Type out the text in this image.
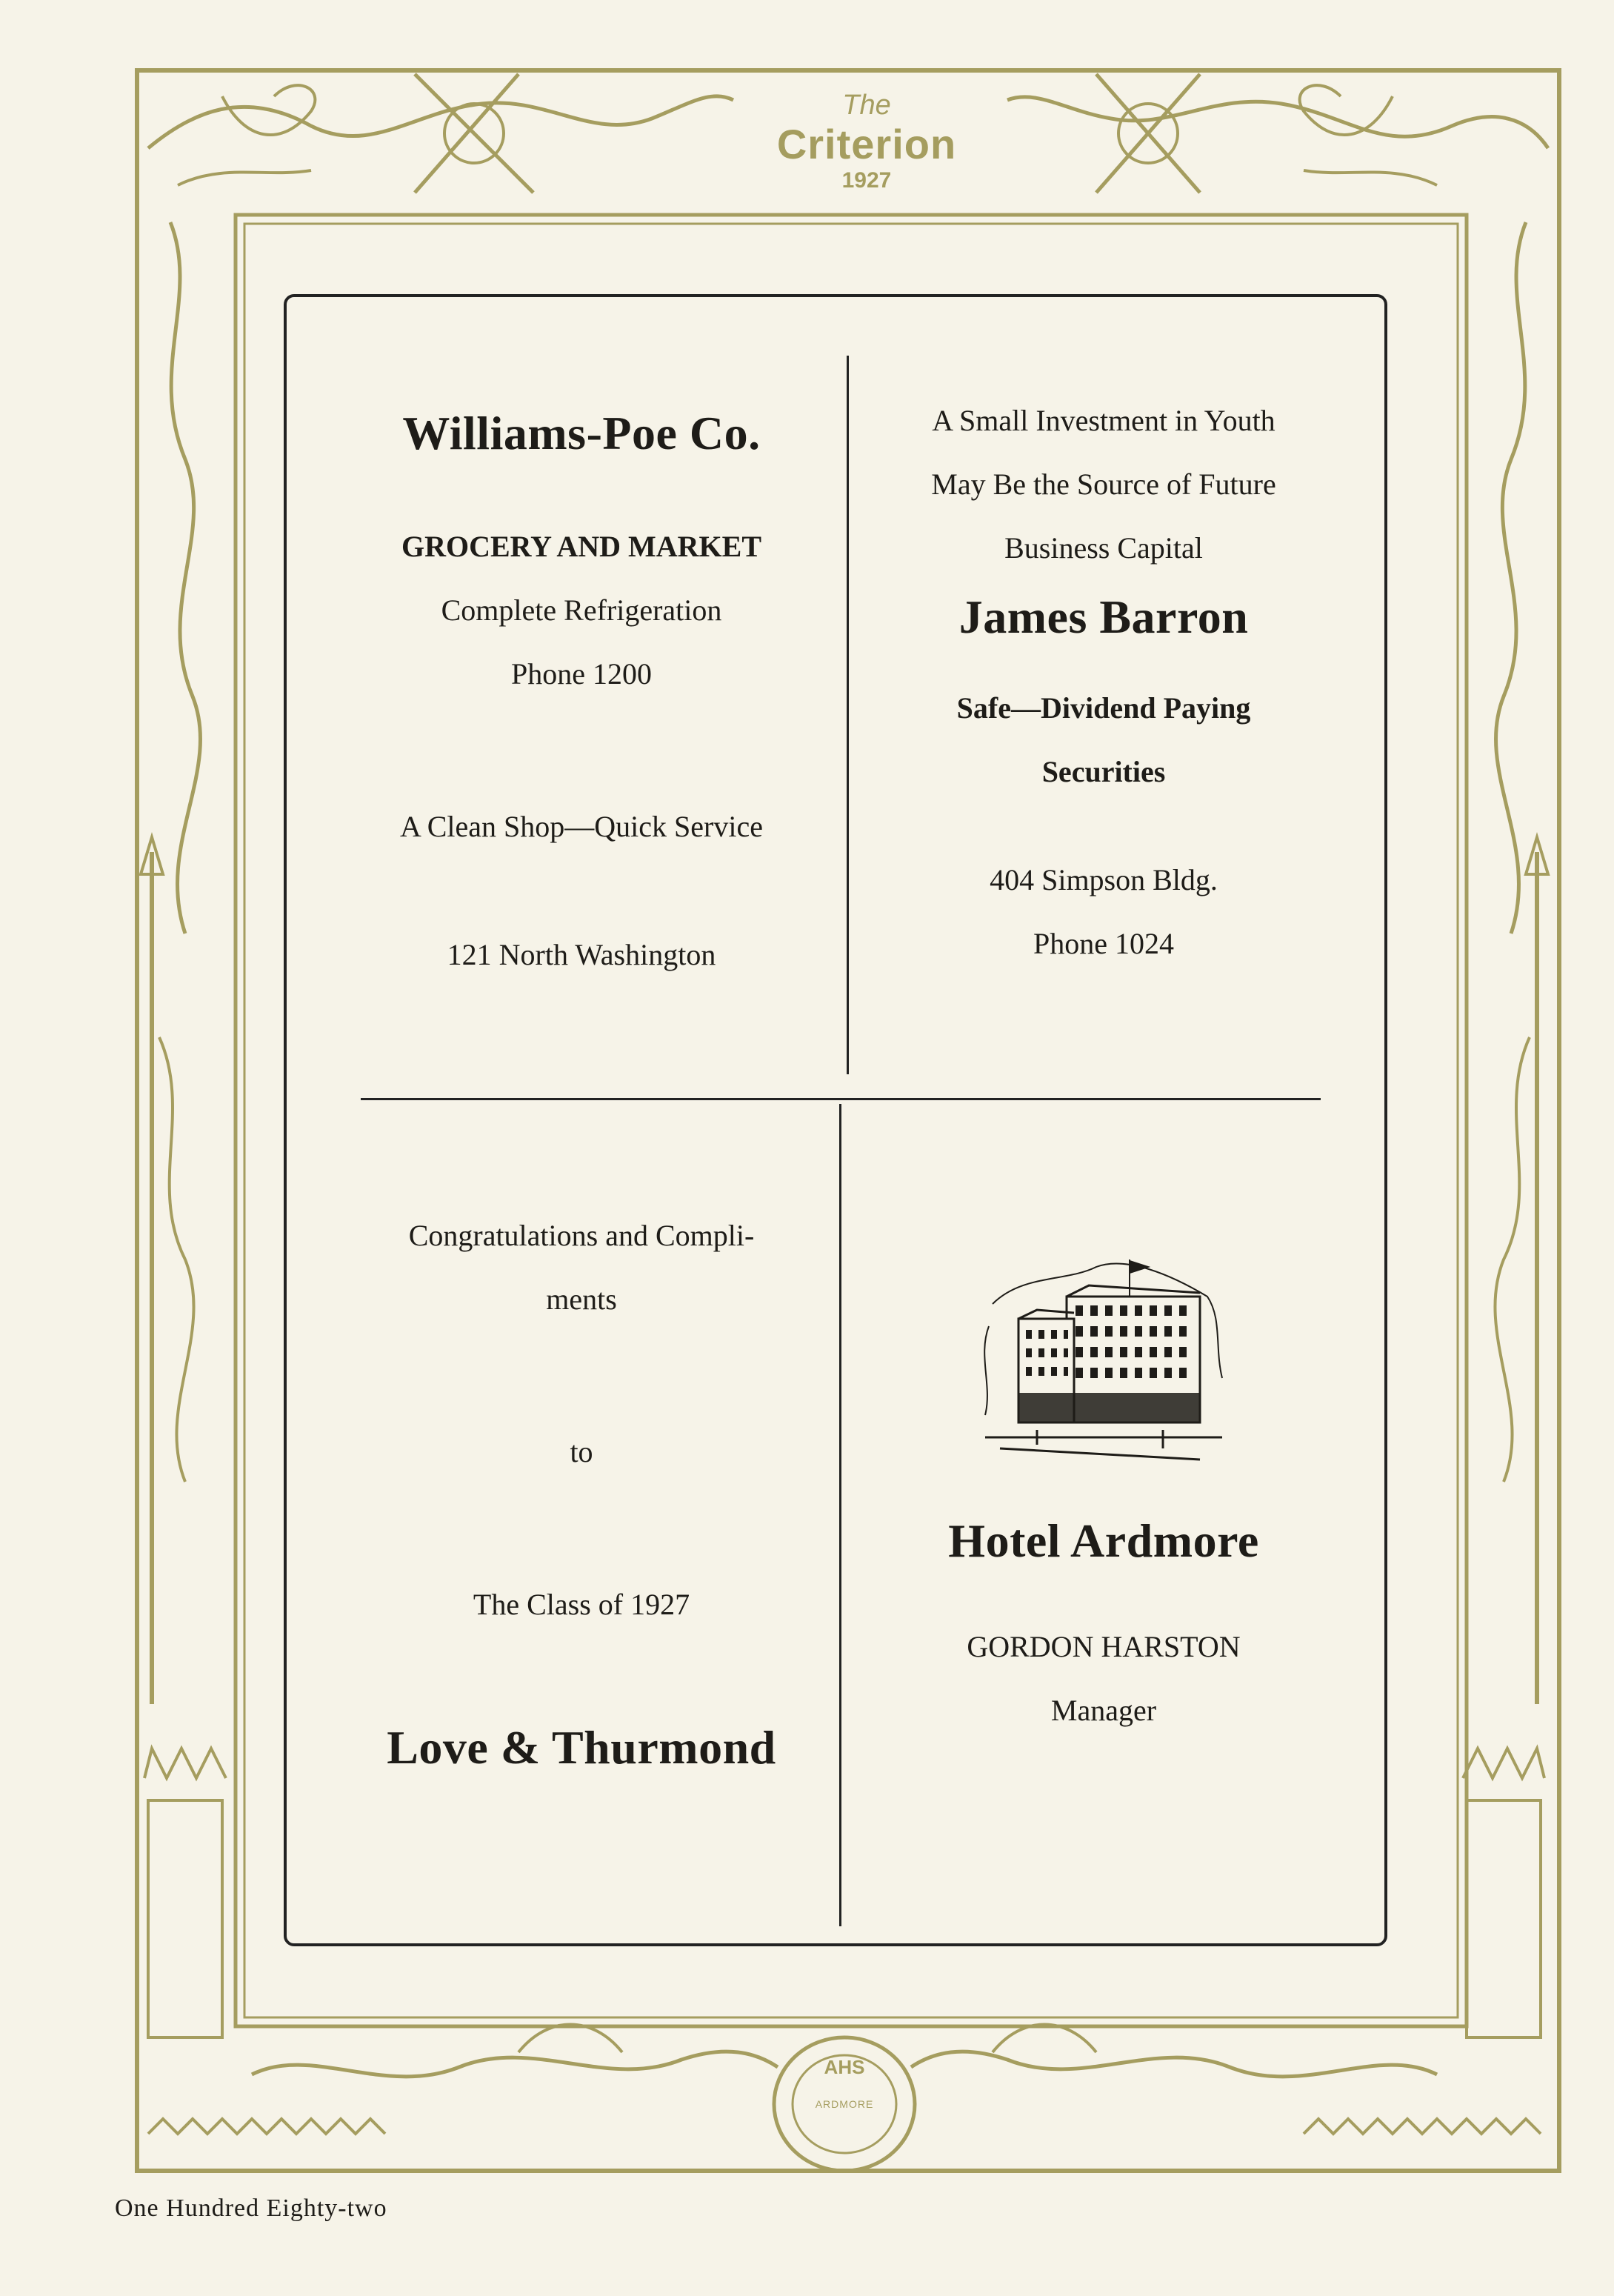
The
Criterion
1927
AHS
ARDMORE
Williams-Poe Co.
GROCERY AND MARKET
Complete Refrigeration
Phone 1200
A Clean Shop—Quick Service
121 North Washington
A Small Investment in Youth
May Be the Source of Future
Business Capital
James Barron
Safe—Dividend Paying
Securities
404 Simpson Bldg.
Phone 1024
Congratulations and Compli-
ments
to
The Class of 1927
Love & Thurmond
Hotel Ardmore
GORDON HARSTON
Manager
One Hundred Eighty-two
